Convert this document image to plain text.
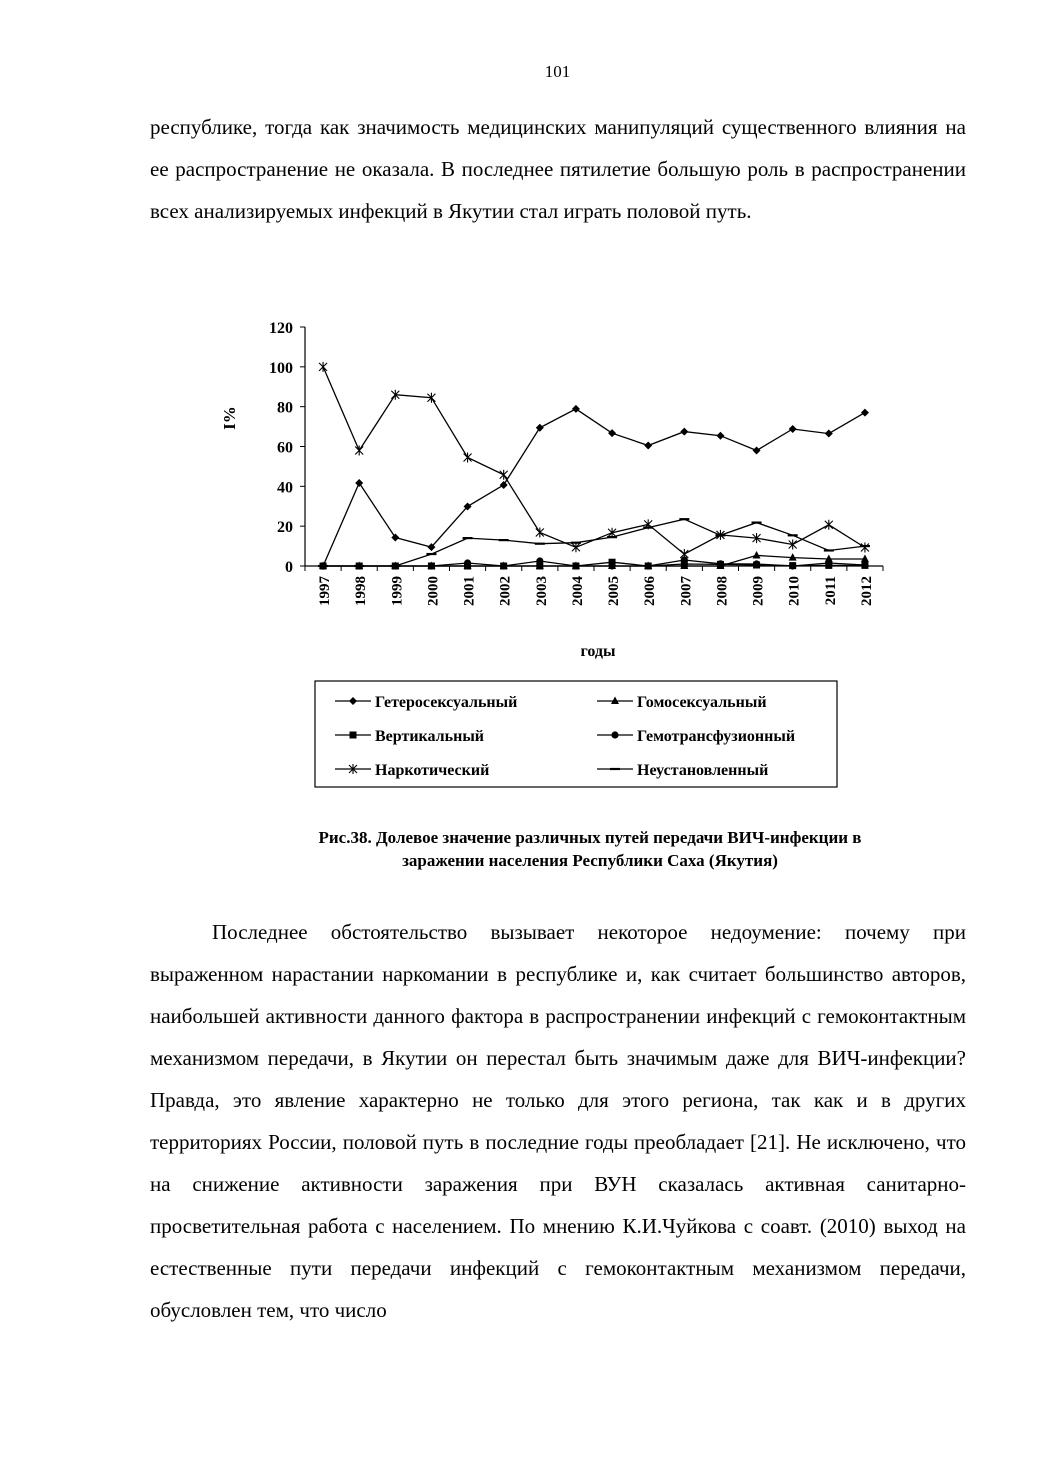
101

республике, тогда как значимость медицинских манипуляций существенного влияния на ее распространение не оказала. В последнее пятилетие большую роль в распространении всех анализируемых инфекций в Якутии стал играть половой путь.

0
20
40
60
80
100
120
1997 1998 1999 2000 2001 2002 2003 2004 2005 2006 2007 2008 2009 2010 2011 2012
I%
годы
Гетеросексуальный	Гомосексуальный
Вертикальный	Гемотрансфузионный
Наркотический	Неустановленный
Рис.38. Долевое значение различных путей передачи ВИЧ-инфекции в
заражении населения Республики Саха (Якутия)

Последнее обстоятельство вызывает некоторое недоумение: почему при выраженном нарастании наркомании в республике и, как считает большинство авторов, наибольшей активности данного фактора в распространении инфекций с гемоконтактным механизмом передачи, в Якутии он перестал быть значимым даже для ВИЧ-инфекции? Правда, это явление характерно не только для этого региона, так как и в других территориях России, половой путь в последние годы преобладает [21]. Не исключено, что на снижение активности заражения при ВУН сказалась активная санитарно-просветительная работа с населением. По мнению К.И.Чуйкова с соавт. (2010) выход на естественные пути передачи инфекций с гемоконтактным механизмом передачи, обусловлен тем, что число
